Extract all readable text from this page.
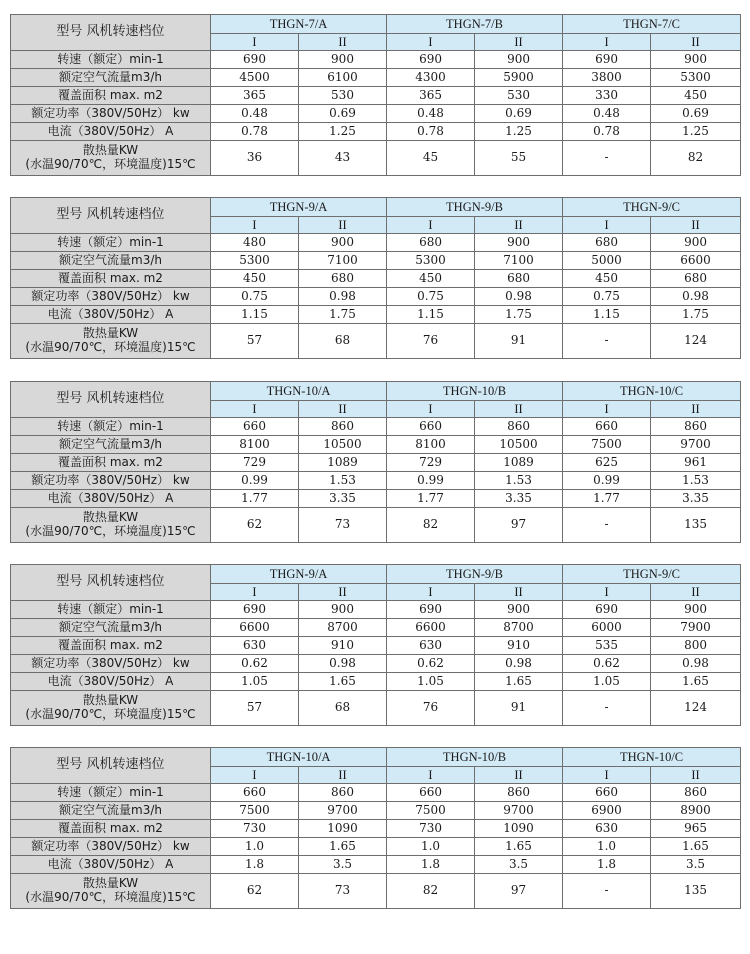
型号 风机转速档位	THGN-7/A		THGN-7/B		THGN-7/C	
	I	II	I	II	I	II
转速（额定）min-1	690	900	690	900	690	900
额定空气流量m3/h	4500	6100	4300	5900	3800	5300
覆盖面积 max. m2	365	530	365	530	330	450
额定功率（380V/50Hz） kw	0.48	0.69	0.48	0.69	0.48	0.69
电流（380V/50Hz） A	0.78	1.25	0.78	1.25	0.78	1.25

散热量KW
(水温90/70℃，环境温度)15℃	36	43	45	55	-	82
型号 风机转速档位	THGN-9/A		THGN-9/B		THGN-9/C	
	I	II	I	II	I	II
转速（额定）min-1	480	900	680	900	680	900
额定空气流量m3/h	5300	7100	5300	7100	5000	6600
覆盖面积 max. m2	450	680	450	680	450	680
额定功率（380V/50Hz） kw	0.75	0.98	0.75	0.98	0.75	0.98
电流（380V/50Hz） A	1.15	1.75	1.15	1.75	1.15	1.75

散热量KW
(水温90/70℃，环境温度)15℃	57	68	76	91	-	124
型号 风机转速档位	THGN-10/A		THGN-10/B		THGN-10/C	
	I	II	I	II	I	II
转速（额定）min-1	660	860	660	860	660	860
额定空气流量m3/h	8100	10500	8100	10500	7500	9700
覆盖面积 max. m2	729	1089	729	1089	625	961
额定功率（380V/50Hz） kw	0.99	1.53	0.99	1.53	0.99	1.53
电流（380V/50Hz） A	1.77	3.35	1.77	3.35	1.77	3.35

散热量KW
(水温90/70℃，环境温度)15℃	62	73	82	97	-	135
型号 风机转速档位	THGN-9/A		THGN-9/B		THGN-9/C	
	I	II	I	II	I	II
转速（额定）min-1	690	900	690	900	690	900
额定空气流量m3/h	6600	8700	6600	8700	6000	7900
覆盖面积 max. m2	630	910	630	910	535	800
额定功率（380V/50Hz） kw	0.62	0.98	0.62	0.98	0.62	0.98
电流（380V/50Hz） A	1.05	1.65	1.05	1.65	1.05	1.65

散热量KW
(水温90/70℃，环境温度)15℃	57	68	76	91	-	124
型号 风机转速档位	THGN-10/A		THGN-10/B		THGN-10/C	
	I	II	I	II	I	II
转速（额定）min-1	660	860	660	860	660	860
额定空气流量m3/h	7500	9700	7500	9700	6900	8900
覆盖面积 max. m2	730	1090	730	1090	630	965
额定功率（380V/50Hz） kw	1.0	1.65	1.0	1.65	1.0	1.65
电流（380V/50Hz） A	1.8	3.5	1.8	3.5	1.8	3.5

散热量KW
(水温90/70℃，环境温度)15℃	62	73	82	97	-	135
